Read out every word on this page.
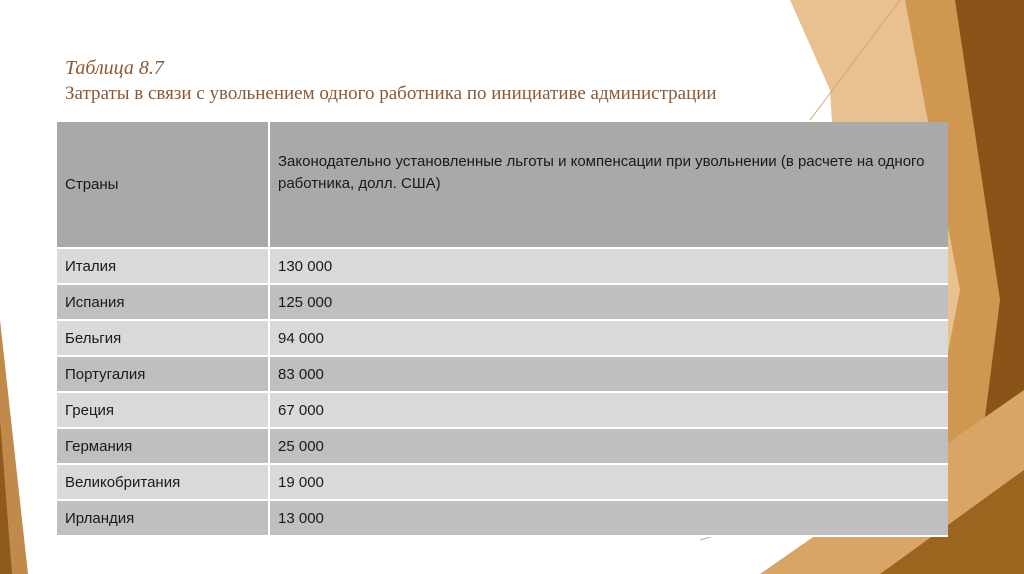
Таблица 8.7
Затраты в связи с увольнением одного работника по инициативе администрации
Страны	Законодательно установленные льготы и компенсации при увольнении (в расчете на одного работника, долл. США)
Италия	130 000
Испания	125 000
Бельгия	94 000
Португалия	83 000
Греция	67 000
Германия	25 000
Великобритания	19 000
Ирландия	13 000
